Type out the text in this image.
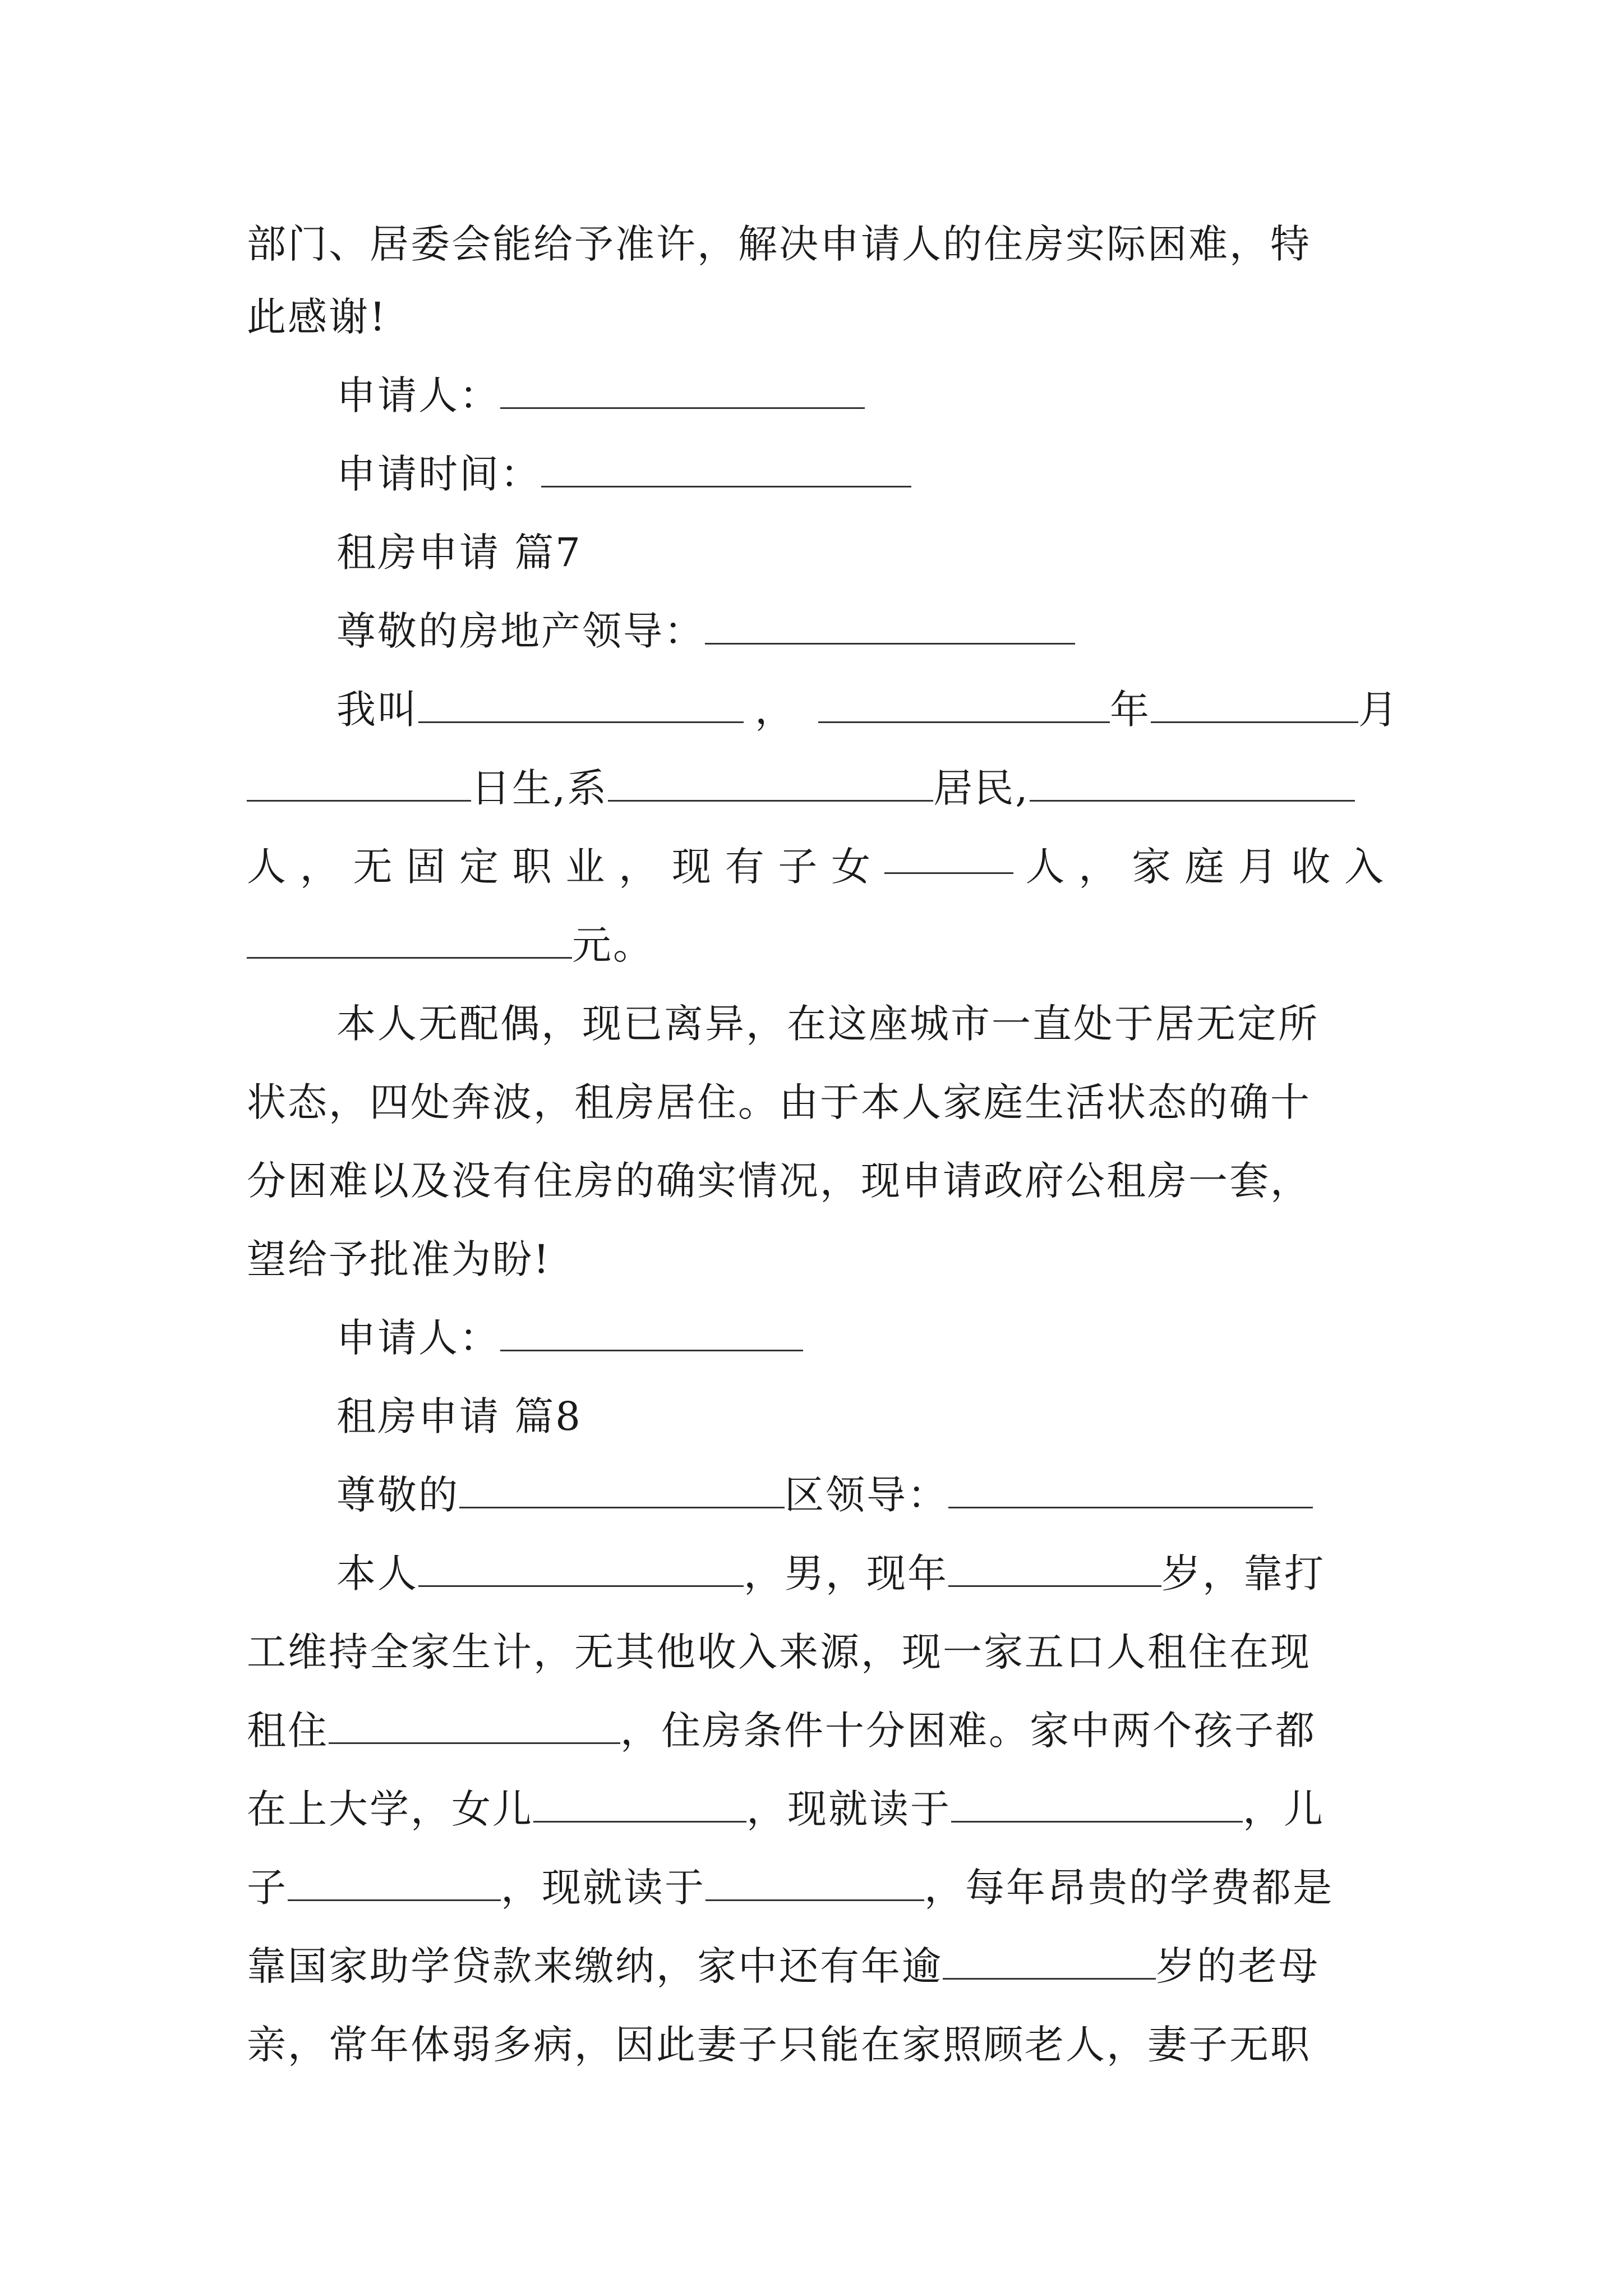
部门、居委会能给予准许，解决申请人的住房实际困难，特

此感谢!

申请人：

申请时间：

租房申请 篇7

尊敬的房地产领导：

我叫	，	年	月

日生,系	居民,

人 ， 无 固 定 职 业 ， 现 有 子 女	人 ， 家 庭 月 收 入

元。

本人无配偶，现已离异，在这座城市一直处于居无定所

状态，四处奔波，租房居住。由于本人家庭生活状态的确十

分困难以及没有住房的确实情况，现申请政府公租房一套，

望给予批准为盼!

申请人：

租房申请 篇8

尊敬的	区领导：

本人	，男，现年	岁，靠打

工维持全家生计，无其他收入来源，现一家五口人租住在现

租住	，住房条件十分困难。家中两个孩子都

在上大学，女儿	，现就读于	，儿

子	，现就读于	，每年昂贵的学费都是

靠国家助学贷款来缴纳，家中还有年逾	岁的老母

亲，常年体弱多病，因此妻子只能在家照顾老人，妻子无职
